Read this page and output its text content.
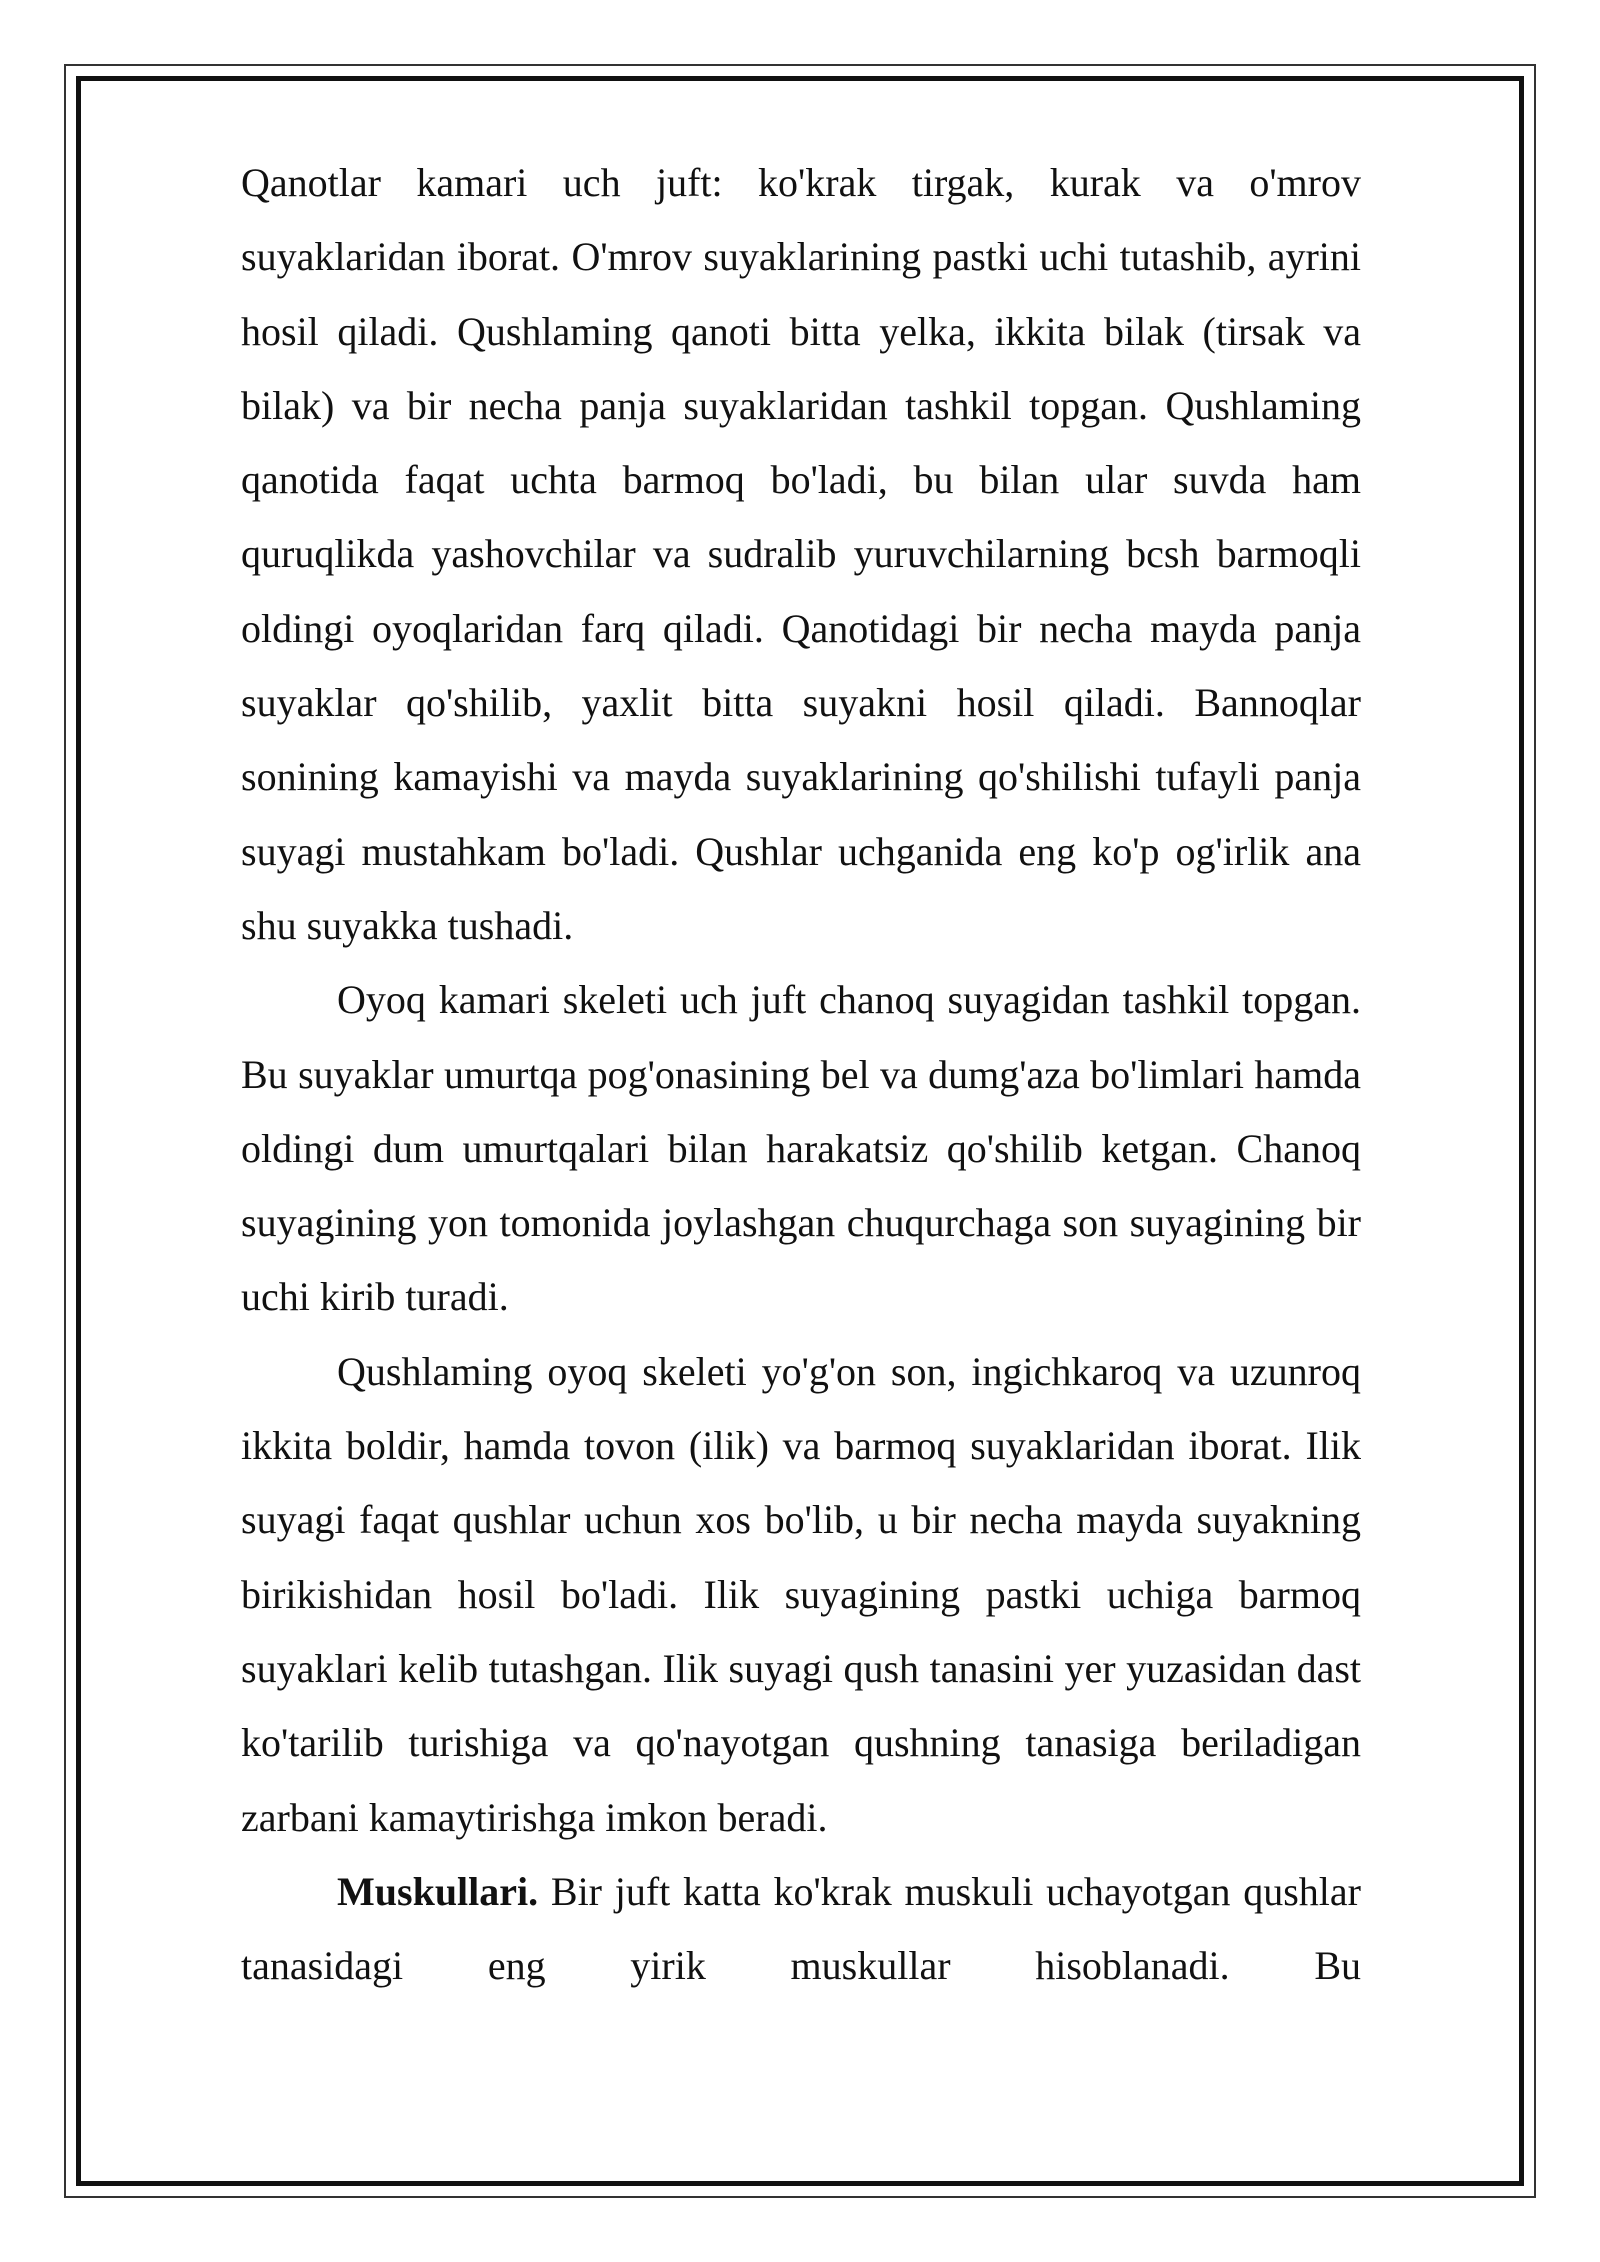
Qanotlar kamari uch juft: ko'krak tirgak, kurak va o'mrov suyaklaridan iborat. O'mrov suyaklarining pastki uchi tutashib, ayrini hosil qiladi. Qushlaming qanoti bitta yelka, ikkita bilak (tirsak va bilak) va bir necha panja suyaklaridan tashkil topgan. Qushlaming qanotida faqat uchta barmoq bo'ladi, bu bilan ular suvda ham quruqlikda yashovchilar va sudralib yuruvchilarning bcsh barmoqli oldingi oyoqlaridan farq qiladi. Qanotidagi bir necha mayda panja suyaklar qo'shilib, yaxlit bitta suyakni hosil qiladi. Bannoqlar sonining kamayishi va mayda suyaklarining qo'shilishi tufayli panja suyagi mustahkam bo'ladi. Qushlar uchganida eng ko'p og'irlik ana shu suyakka tushadi.

Oyoq kamari skeleti uch juft chanoq suyagidan tashkil topgan. Bu suyaklar umurtqa pog'onasining bel va dumg'aza bo'limlari hamda oldingi dum umurtqalari bilan harakatsiz qo'shilib ketgan. Chanoq suyagining yon tomonida joylashgan chuqurchaga son suyagining bir uchi kirib turadi.

Qushlaming oyoq skeleti yo'g'on son, ingichkaroq va uzunroq ikkita boldir, hamda tovon (ilik) va barmoq suyaklaridan iborat. Ilik suyagi faqat qushlar uchun xos bo'lib, u bir necha mayda suyakning birikishidan hosil bo'ladi. Ilik suyagining pastki uchiga barmoq suyaklari kelib tutashgan. Ilik suyagi qush tanasini yer yuzasidan dast ko'tarilib turishiga va qo'nayotgan qushning tanasiga beriladigan zarbani kamaytirishga imkon beradi.

Muskullari. Bir juft katta ko'krak muskuli uchayotgan qushlar tanasidagi eng yirik muskullar hisoblanadi. Bu
